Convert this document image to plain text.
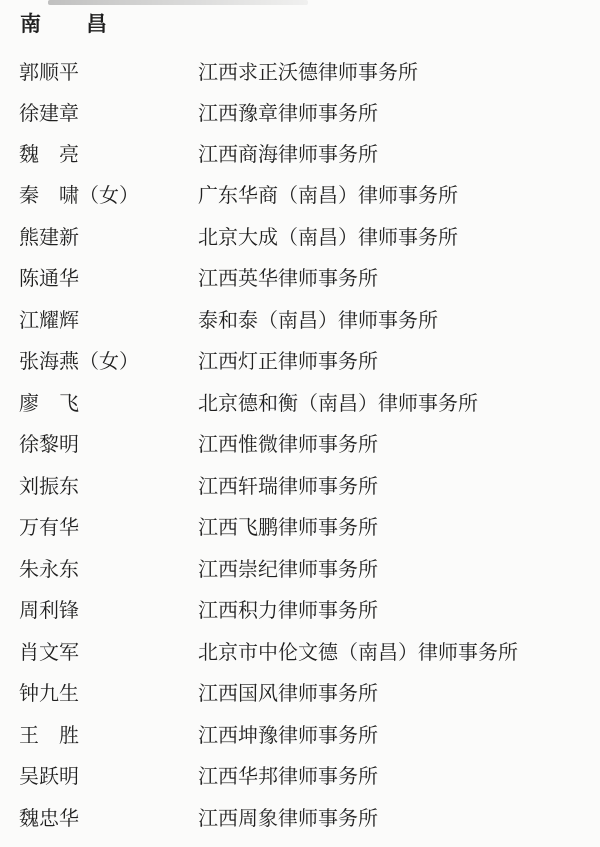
南　昌
郭顺平	江西求正沃德律师事务所
徐建章	江西豫章律师事务所
魏　亮	江西商海律师事务所
秦　啸（女）	广东华商（南昌）律师事务所
熊建新	北京大成（南昌）律师事务所
陈通华	江西英华律师事务所
江耀辉	泰和泰（南昌）律师事务所
张海燕（女）	江西灯正律师事务所
廖　飞	北京德和衡（南昌）律师事务所
徐黎明	江西惟微律师事务所
刘振东	江西轩瑞律师事务所
万有华	江西飞鹏律师事务所
朱永东	江西崇纪律师事务所
周利锋	江西积力律师事务所
肖文军	北京市中伦文德（南昌）律师事务所
钟九生	江西国风律师事务所
王　胜	江西坤豫律师事务所
吴跃明	江西华邦律师事务所
魏忠华	江西周象律师事务所
